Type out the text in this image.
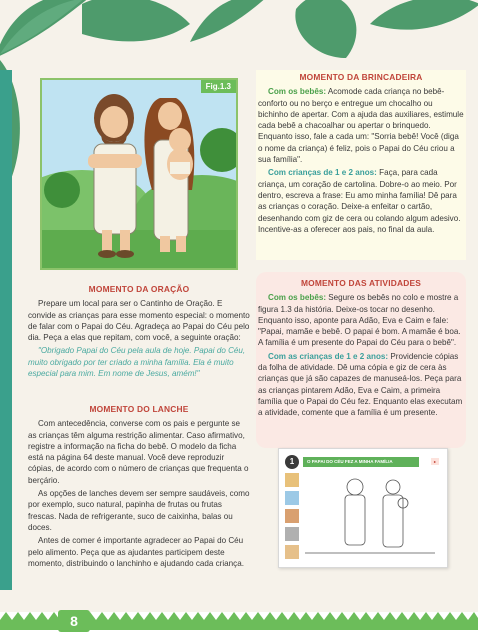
Fig.1.3
MOMENTO DA ORAÇÃO

Prepare um local para ser o Cantinho de Oração. E convide as crianças para esse momento especial: o momento de falar com o Papai do Céu. Agradeça ao Papai do Céu pelo dia. Peça a elas que repitam, com você, a seguinte oração:

"Obrigado Papai do Céu pela aula de hoje. Papai do Céu, muito obrigado por ter criado a minha família. Ela é muito especial para mim. Em nome de Jesus, amém!"

MOMENTO DO LANCHE

Com antecedência, converse com os pais e pergunte se as crianças têm alguma restrição alimentar. Caso afirmativo, registre a informação na ficha do bebê. O modelo da ficha está na página 64 deste manual. Você deve reproduzir cópias, de acordo com o número de crianças que frequenta o berçário.

As opções de lanches devem ser sempre saudáveis, como por exemplo, suco natural, papinha de frutas ou frutas frescas. Nada de refrigerante, suco de caixinha, balas ou doces.

Antes de comer é importante agradecer ao Papai do Céu pelo alimento. Peça que as ajudantes participem deste momento, distribuindo o lanchinho e ajudando cada criança.

MOMENTO DA BRINCADEIRA

Com os bebês: Acomode cada criança no bebê-conforto ou no berço e entregue um chocalho ou bichinho de apertar. Com a ajuda das auxiliares, estimule cada bebê a chacoalhar ou apertar o brinquedo. Enquanto isso, fale a cada um: "Sorria bebê! Você (diga o nome da criança) é feliz, pois o Papai do Céu criou a sua família".

Com crianças de 1 e 2 anos: Faça, para cada criança, um coração de cartolina. Dobre-o ao meio. Por dentro, escreva a frase: Eu amo minha família! Dê para as crianças o coração. Deixe-a enfeitar o cartão, desenhando com giz de cera ou colando algum adesivo. Incentive-as a oferecer aos pais, no final da aula.

MOMENTO DAS ATIVIDADES

Com os bebês: Segure os bebês no colo e mostre a figura 1.3 da história. Deixe-os tocar no desenho. Enquanto isso, aponte para Adão, Eva e Caim e fale: "Papai, mamãe e bebê. O papai é bom. A mamãe é boa. A família é um presente do Papai do Céu para o bebê".

Com as crianças de 1 e 2 anos: Providencie cópias da folha de atividade. Dê uma cópia e giz de cera às crianças que já são capazes de manuseá-los. Peça para as crianças pintarem Adão, Eva e Caim, a primeira família que o Papai do Céu fez. Enquanto elas executam a atividade, comente que a família é um presente.

1	O PAPAI DO CÉU FEZ A MINHA FAMÍLIA	▸
8
